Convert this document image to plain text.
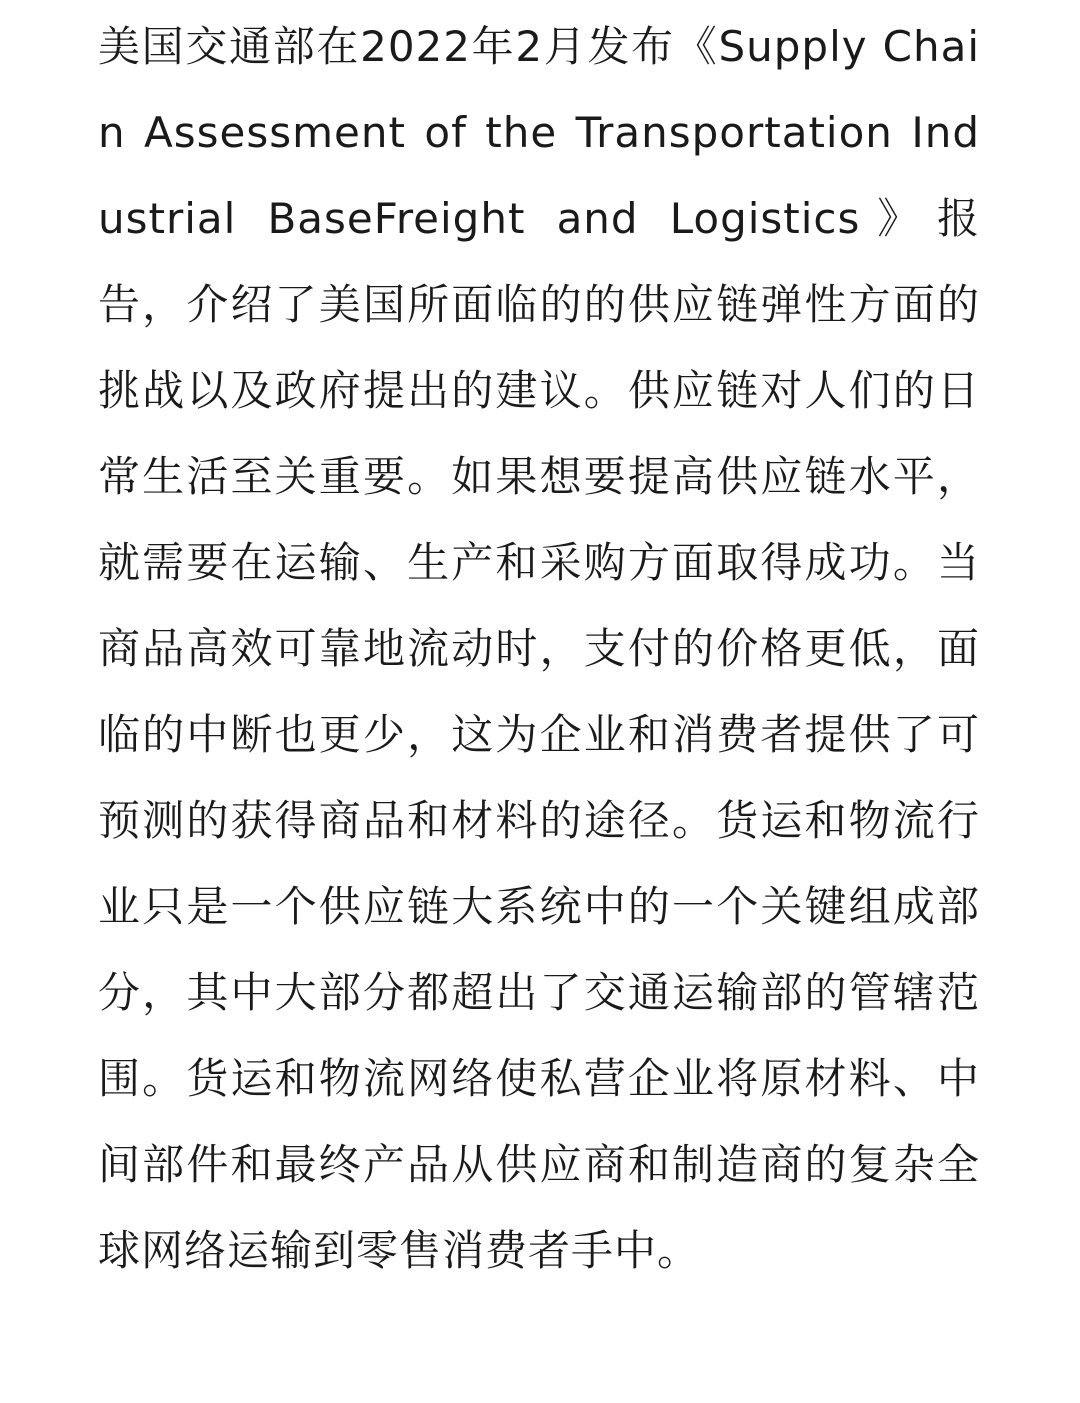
美国交通部在2022年2月发布《Supply Chain Assessment of the Transportation Industrial BaseFreight and Logistics》报告，介绍了美国所面临的的供应链弹性方面的挑战以及政府提出的建议。供应链对人们的日常生活至关重要。如果想要提高供应链水平，就需要在运输、生产和采购方面取得成功。当商品高效可靠地流动时，支付的价格更低，面临的中断也更少，这为企业和消费者提供了可预测的获得商品和材料的途径。货运和物流行业只是一个供应链大系统中的一个关键组成部分，其中大部分都超出了交通运输部的管辖范围。货运和物流网络使私营企业将原材料、中间部件和最终产品从供应商和制造商的复杂全球网络运输到零售消费者手中。
